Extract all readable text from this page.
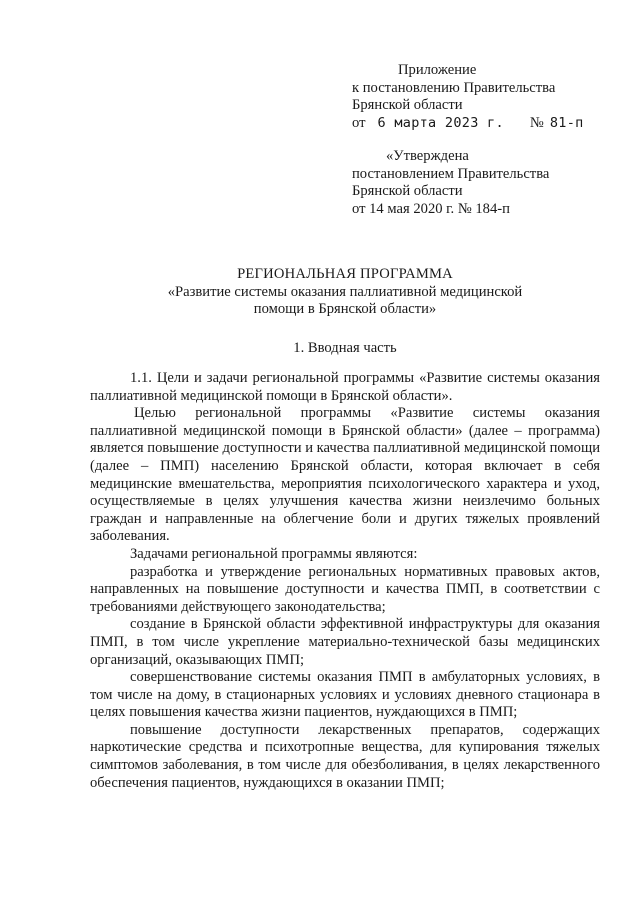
Приложение
к постановлению Правительства
Брянской области
от 6 марта 2023 г. № 81-п
«Утверждена
постановлением Правительства
Брянской области
от 14 мая 2020 г. № 184-п
РЕГИОНАЛЬНАЯ ПРОГРАММА
«Развитие системы оказания паллиативной медицинской
помощи в Брянской области»
1. Вводная часть

1.1. Цели и задачи региональной программы «Развитие системы оказания паллиативной медицинской помощи в Брянской области».

Целью региональной программы «Развитие системы оказания паллиативной медицинской помощи в Брянской области» (далее – программа) является повышение доступности и качества паллиативной медицинской помощи (далее – ПМП) населению Брянской области, которая включает в себя медицинские вмешательства, мероприятия психологического характера и уход, осуществляемые в целях улучшения качества жизни неизлечимо больных граждан и направленные на облегчение боли и других тяжелых проявлений заболевания.

Задачами региональной программы являются:

разработка и утверждение региональных нормативных правовых актов, направленных на повышение доступности и качества ПМП, в соответствии с требованиями действующего законодательства;

создание в Брянской области эффективной инфраструктуры для оказания ПМП, в том числе укрепление материально-технической базы медицинских организаций, оказывающих ПМП;

совершенствование системы оказания ПМП в амбулаторных условиях, в том числе на дому, в стационарных условиях и условиях дневного стационара в целях повышения качества жизни пациентов, нуждающихся в ПМП;

повышение доступности лекарственных препаратов, содержащих наркотические средства и психотропные вещества, для купирования тяжелых симптомов заболевания, в том числе для обезболивания, в целях лекарственного обеспечения пациентов, нуждающихся в оказании ПМП;
